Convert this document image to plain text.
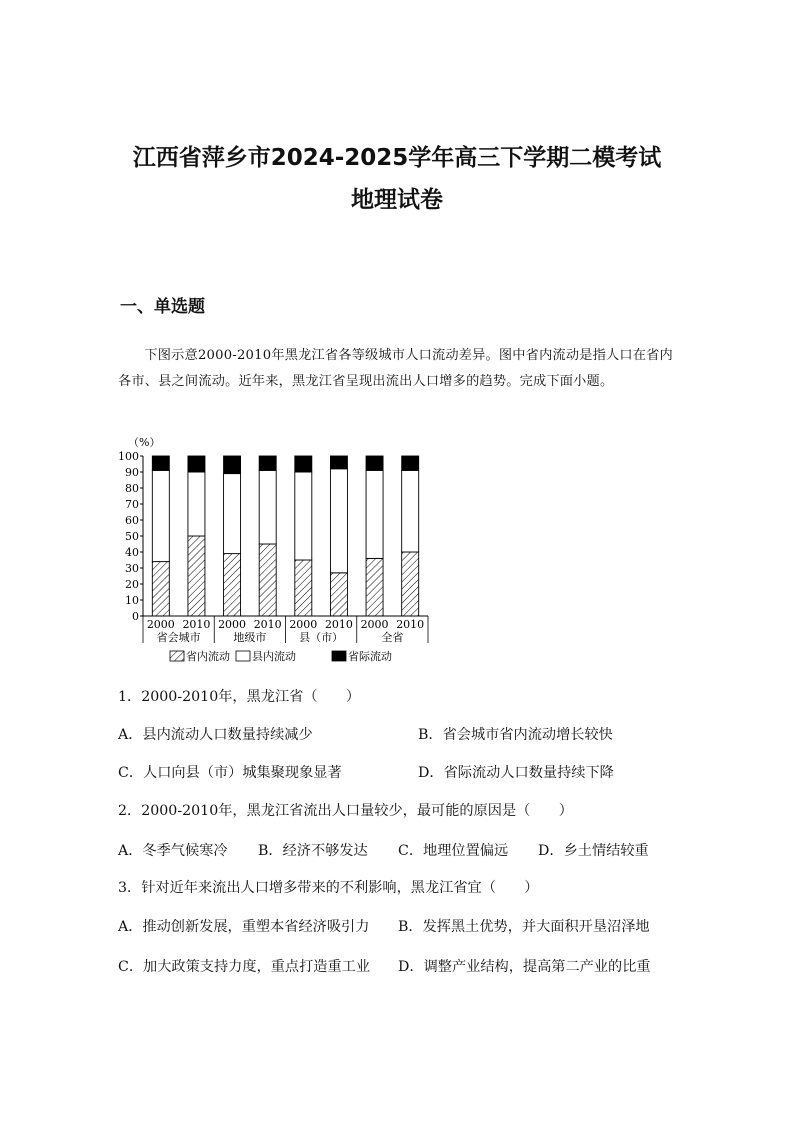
江西省萍乡市2024-2025学年高三下学期二模考试
地理试卷
一、单选题
下图示意2000-2010年黑龙江省各等级城市人口流动差异。图中省内流动是指人口在省内各市、县之间流动。近年来，黑龙江省呈现出流出人口增多的趋势。完成下面小题。
（%）
0
10
20
30
40
50
60
70
80
90
100
2000 2010 2000 2010 2000 2010 2000 2010
省会城市	地级市	县（市）	全省
省内流动 县内流动	省际流动
1．2000-2010年，黑龙江省（　　）
A．县内流动人口数量持续减少	B．省会城市省内流动增长较快
C．人口向县（市）城集聚现象显著	D．省际流动人口数量持续下降
2．2000-2010年，黑龙江省流出人口量较少，最可能的原因是（　　）
A．冬季气候寒冷 B．经济不够发达 C．地理位置偏远 D．乡土情结较重
3．针对近年来流出人口增多带来的不利影响，黑龙江省宜（　　）
A．推动创新发展，重塑本省经济吸引力 B．发挥黑土优势，并大面积开垦沼泽地
C．加大政策支持力度，重点打造重工业 D．调整产业结构，提高第二产业的比重
